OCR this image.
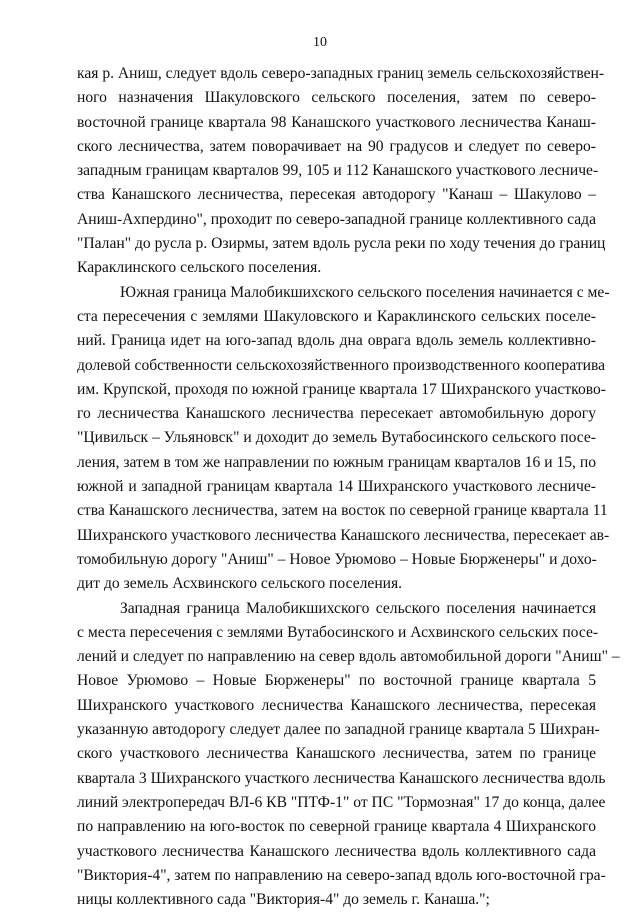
10
кая р. Аниш, следует вдоль северо-западных границ земель сельскохозяйствен-
ного назначения Шакуловского сельского поселения, затем по северо-
восточной границе квартала 98 Канашского участкового лесничества Канаш-
ского лесничества, затем поворачивает на 90 градусов и следует по северо-
западным границам кварталов 99, 105 и 112 Канашского участкового лесниче-
ства Канашского лесничества, пересекая автодорогу "Канаш – Шакулово –
Аниш-Ахпердино", проходит по северо-западной границе коллективного сада
"Палан" до русла р. Озирмы, затем вдоль русла реки по ходу течения до границ
Караклинского сельского поселения.
Южная граница Малобикшихского сельского поселения начинается с ме-
ста пересечения с землями Шакуловского и Караклинского сельских поселе-
ний. Граница идет на юго-запад вдоль дна оврага вдоль земель коллективно-
долевой собственности сельскохозяйственного производственного кооператива
им. Крупской, проходя по южной границе квартала 17 Шихранского участково-
го лесничества Канашского лесничества пересекает автомобильную дорогу
"Цивильск – Ульяновск" и доходит до земель Вутабосинского сельского посе-
ления, затем в том же направлении по южным границам кварталов 16 и 15, по
южной и западной границам квартала 14 Шихранского участкового лесниче-
ства Канашского лесничества, затем на восток по северной границе квартала 11
Шихранского участкового лесничества Канашского лесничества, пересекает ав-
томобильную дорогу "Аниш" – Новое Урюмово – Новые Бюрженеры" и дохо-
дит до земель Асхвинского сельского поселения.
Западная граница Малобикшихского сельского поселения начинается
с места пересечения с землями Вутабосинского и Асхвинского сельских посе-
лений и следует по направлению на север вдоль автомобильной дороги "Аниш" –
Новое Урюмово – Новые Бюрженеры" по восточной границе квартала 5
Шихранского участкового лесничества Канашского лесничества, пересекая
указанную автодорогу следует далее по западной границе квартала 5 Шихран-
ского участкового лесничества Канашского лесничества, затем по границе
квартала 3 Шихранского участкого лесничества Канашского лесничества вдоль
линий электропередач ВЛ-6 КВ "ПТФ-1" от ПС "Тормозная" 17 до конца, далее
по направлению на юго-восток по северной границе квартала 4 Шихранского
участкового лесничества Канашского лесничества вдоль коллективного сада
"Виктория-4", затем по направлению на северо-запад вдоль юго-восточной гра-
ницы коллективного сада "Виктория-4" до земель г. Канаша.";
